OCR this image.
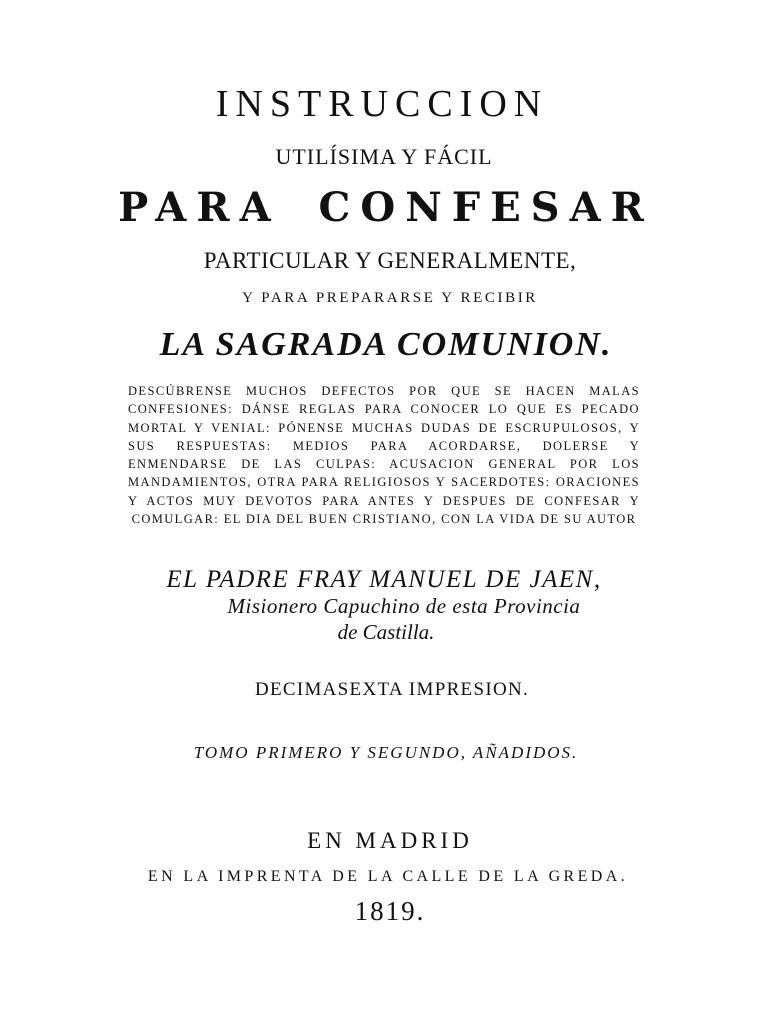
INSTRUCCION

UTILÍSIMA Y FÁCIL

PARA CONFESAR

PARTICULAR Y GENERALMENTE,

Y PARA PREPARARSE Y RECIBIR

LA SAGRADA COMUNION.

DESCÚBRENSE MUCHOS DEFECTOS POR QUE SE HACEN MALAS CONFESIONES: DÁNSE REGLAS PARA CONOCER LO QUE ES PECADO MORTAL Y VENIAL: PÓNENSE MUCHAS DUDAS DE ESCRUPULOSOS, Y SUS RESPUESTAS: MEDIOS PARA ACORDARSE, DOLERSE Y ENMENDARSE DE LAS CULPAS: ACUSACION GENERAL POR LOS MANDAMIENTOS, OTRA PARA RELIGIOSOS Y SACERDOTES: ORACIONES Y ACTOS MUY DEVOTOS PARA ANTES Y DESPUES DE CONFESAR Y COMULGAR: EL DIA DEL BUEN CRISTIANO, CON LA VIDA DE SU AUTOR

EL PADRE FRAY MANUEL DE JAEN,

Misionero Capuchino de esta Provincia

de Castilla.

DECIMASEXTA IMPRESION.

TOMO PRIMERO Y SEGUNDO, AÑADIDOS.

EN MADRID

EN LA IMPRENTA DE LA CALLE DE LA GREDA.

1819.
